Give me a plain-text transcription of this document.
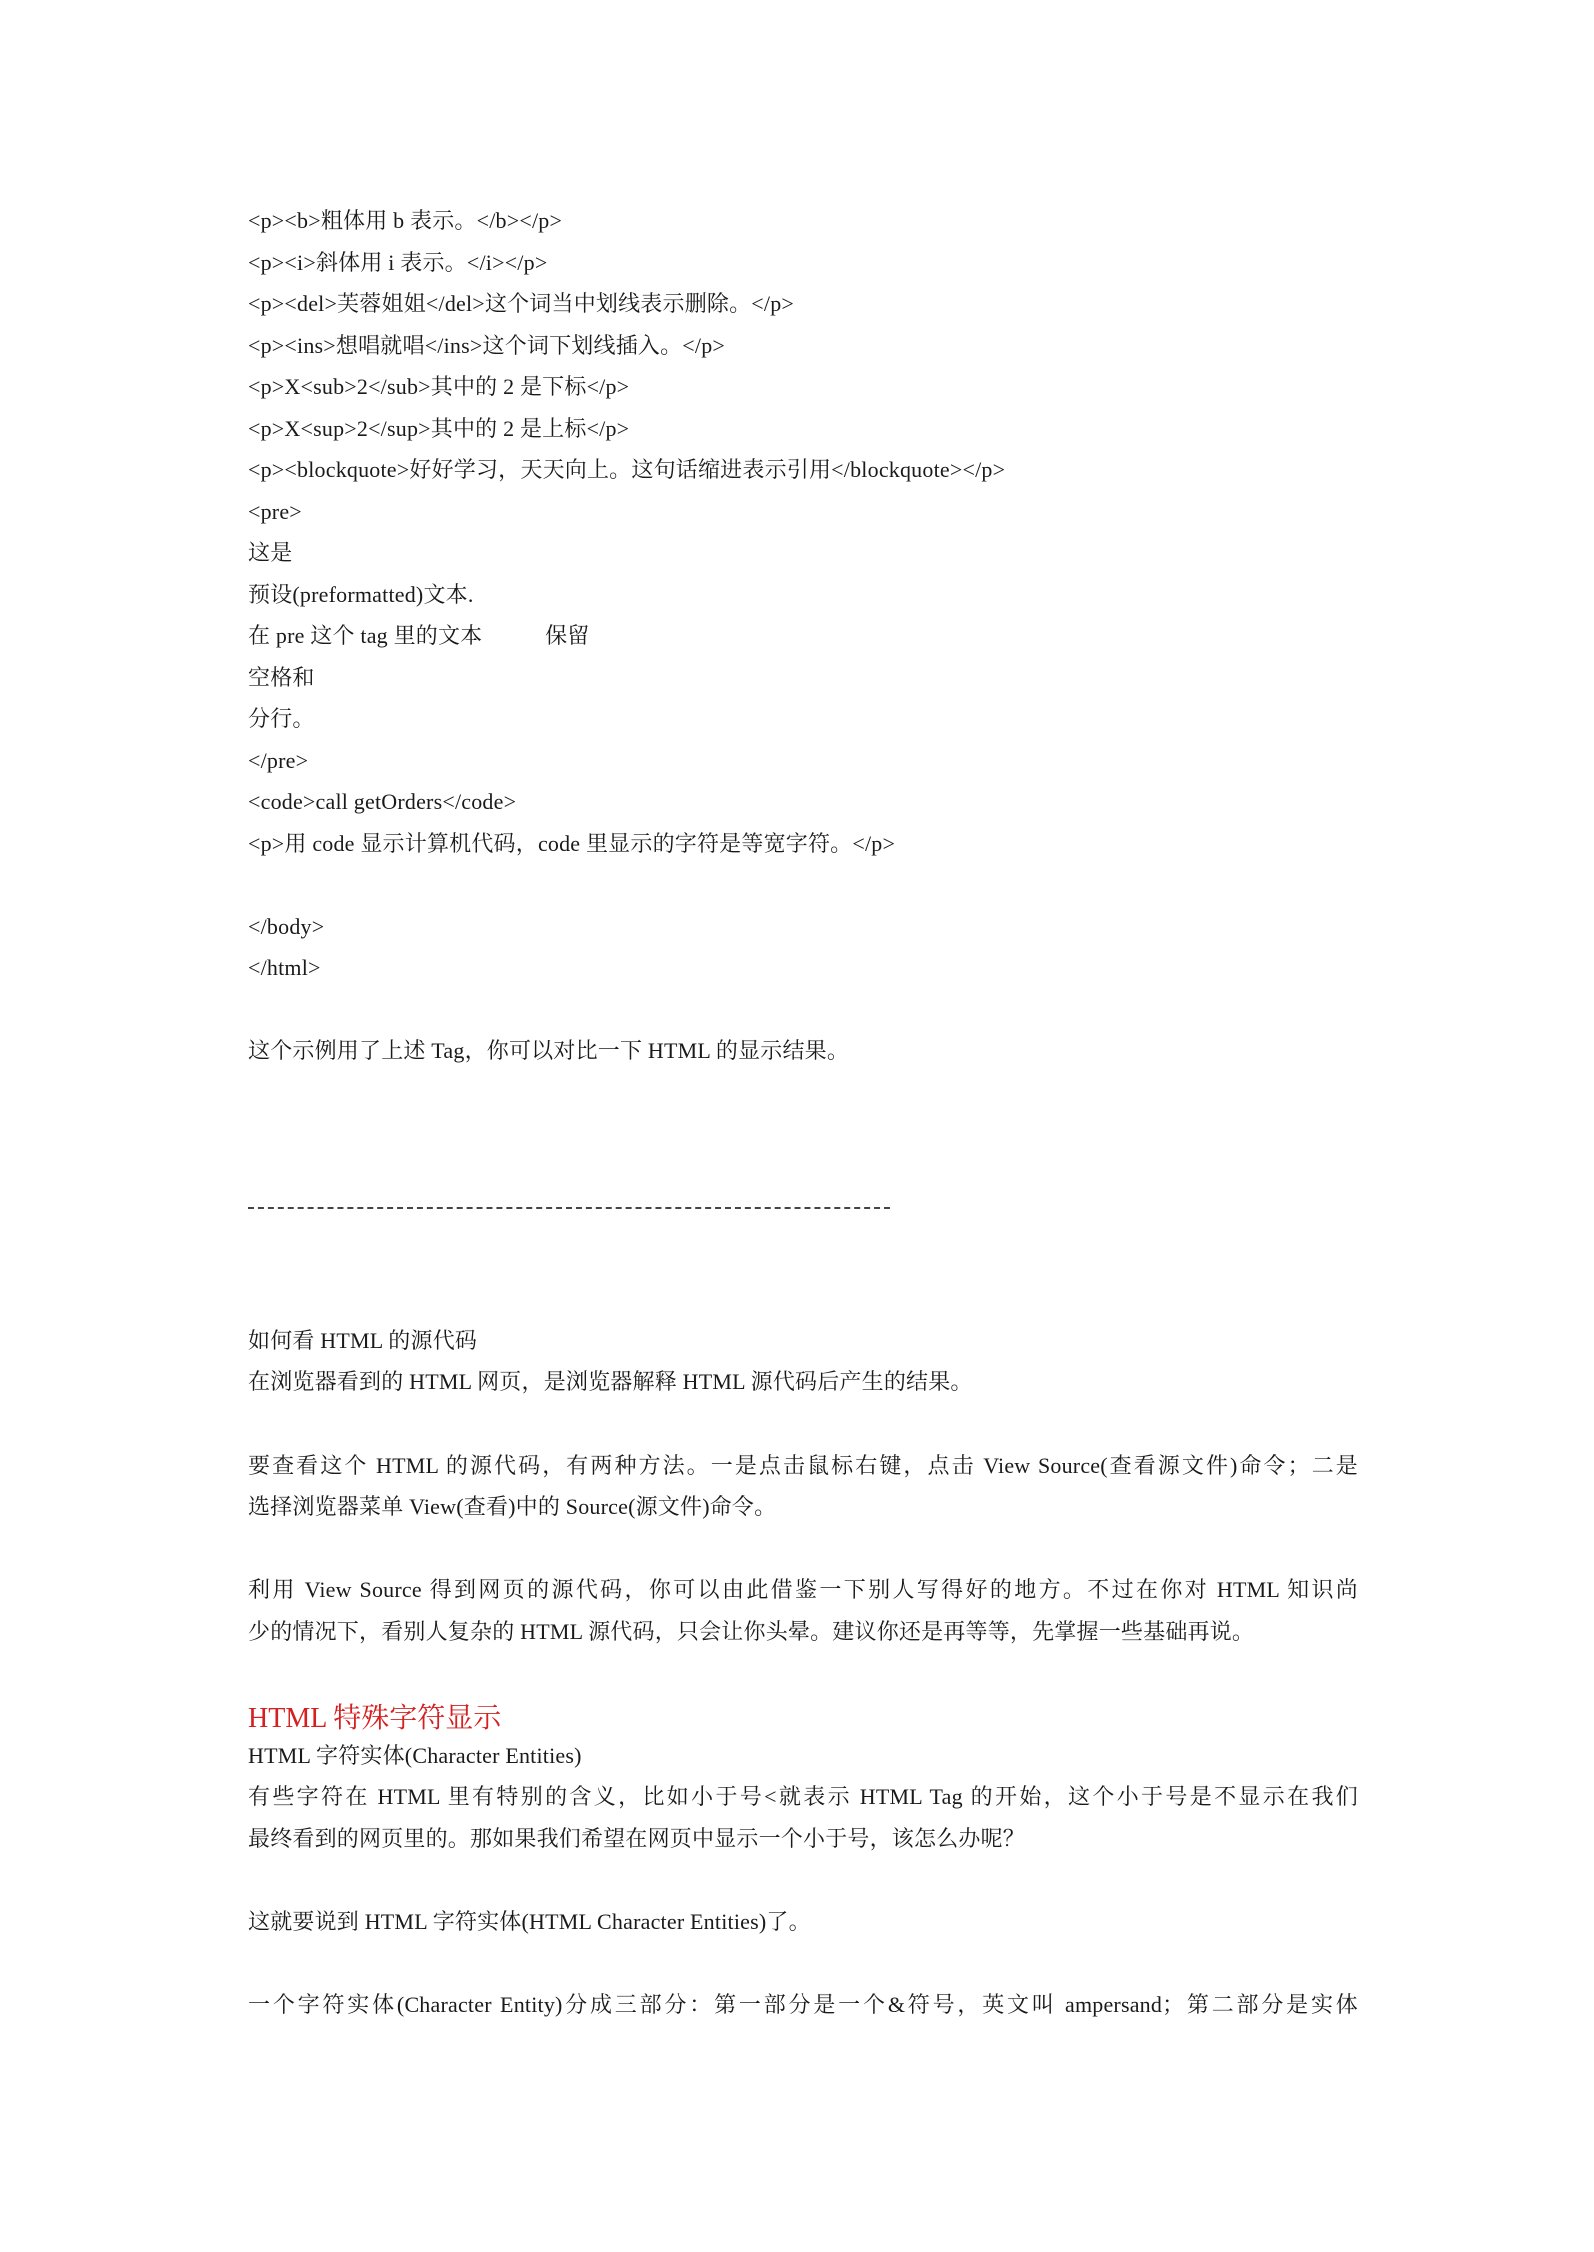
<p><b>粗体用 b 表示。</b></p>
<p><i>斜体用 i 表示。</i></p>
<p><del>芙蓉姐姐</del>这个词当中划线表示删除。</p>
<p><ins>想唱就唱</ins>这个词下划线插入。</p>
<p>X<sub>2</sub>其中的 2 是下标</p>
<p>X<sup>2</sup>其中的 2 是上标</p>
<p><blockquote>好好学习，天天向上。这句话缩进表示引用</blockquote></p>
<pre>
这是
预设(preformatted)文本.
在 pre 这个 tag 里的文本           保留
空格和
分行。
</pre>
<code>call getOrders</code>
<p>用 code 显示计算机代码，code 里显示的字符是等宽字符。</p>
</body>
</html>
这个示例用了上述 Tag，你可以对比一下 HTML 的显示结果。
如何看 HTML 的源代码
在浏览器看到的 HTML 网页，是浏览器解释 HTML 源代码后产生的结果。
要查看这个 HTML 的源代码，有两种方法。一是点击鼠标右键，点击 View Source(查看源文件)命令；二是
选择浏览器菜单 View(查看)中的 Source(源文件)命令。
利用 View Source 得到网页的源代码，你可以由此借鉴一下别人写得好的地方。不过在你对 HTML 知识尚
少的情况下，看别人复杂的 HTML 源代码，只会让你头晕。建议你还是再等等，先掌握一些基础再说。
HTML 特殊字符显示
HTML 字符实体(Character Entities)
有些字符在 HTML 里有特别的含义，比如小于号<就表示 HTML Tag 的开始，这个小于号是不显示在我们
最终看到的网页里的。那如果我们希望在网页中显示一个小于号，该怎么办呢？
这就要说到 HTML 字符实体(HTML Character Entities)了。
一个字符实体(Character Entity)分成三部分：第一部分是一个&符号，英文叫 ampersand；第二部分是实体
